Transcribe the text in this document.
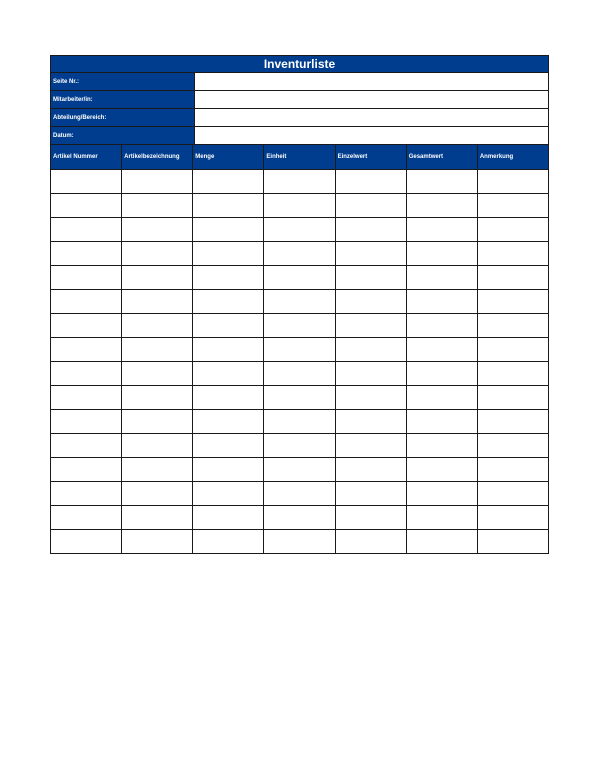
Inventurliste
Seite Nr.:
Mitarbeiter/in:
Abteilung/Bereich:
Datum:
Artikel Nummer	Artikelbezeichnung	Menge	Einheit	Einzelwert	Gesamtwert	Anmerkung
